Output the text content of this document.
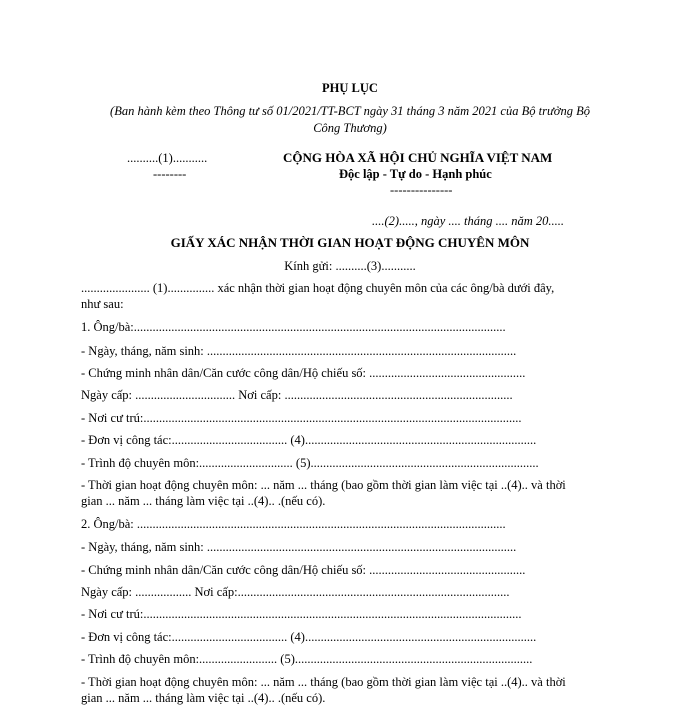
PHỤ LỤC
(Ban hành kèm theo Thông tư số 01/2021/TT-BCT ngày 31 tháng 3 năm 2021 của Bộ trưởng Bộ
Công Thương)
..........(1)...........
--------
CỘNG HÒA XÃ HỘI CHỦ NGHĨA VIỆT NAM
Độc lập - Tự do - Hạnh phúc
---------------
....(2)....., ngày .... tháng .... năm 20.....
GIẤY XÁC NHẬN THỜI GIAN HOẠT ĐỘNG CHUYÊN MÔN
Kính gửi: ..........(3)...........
...................... (1)............... xác nhận thời gian hoạt động chuyên môn của các ông/bà dưới đây,
như sau:
1. Ông/bà:.......................................................................................................................
- Ngày, tháng, năm sinh: ...................................................................................................
- Chứng minh nhân dân/Căn cước công dân/Hộ chiếu số: ..................................................
Ngày cấp: ................................ Nơi cấp: .........................................................................
- Nơi cư trú:.........................................................................................................................
- Đơn vị công tác:..................................... (4)..........................................................................
- Trình độ chuyên môn:.............................. (5).........................................................................
- Thời gian hoạt động chuyên môn: ... năm ... tháng (bao gồm thời gian làm việc tại ..(4).. và thời
gian ... năm ... tháng làm việc tại ..(4).. .(nếu có).
2. Ông/bà: ......................................................................................................................
- Ngày, tháng, năm sinh: ...................................................................................................
- Chứng minh nhân dân/Căn cước công dân/Hộ chiếu số: ..................................................
Ngày cấp: .................. Nơi cấp:.......................................................................................
- Nơi cư trú:.........................................................................................................................
- Đơn vị công tác:..................................... (4)..........................................................................
- Trình độ chuyên môn:......................... (5)............................................................................
- Thời gian hoạt động chuyên môn: ... năm ... tháng (bao gồm thời gian làm việc tại ..(4).. và thời
gian ... năm ... tháng làm việc tại ..(4).. .(nếu có).
